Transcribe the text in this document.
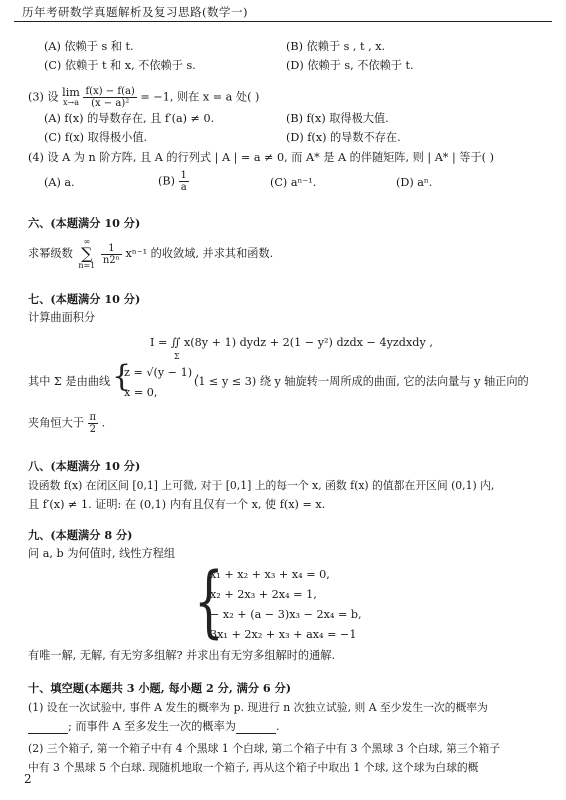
历年考研数学真题解析及复习思路(数学一)
(A) 依赖于 s 和 t.	(B) 依赖于 s , t , x.
(C) 依赖于 t 和 x, 不依赖于 s.	(D) 依赖于 s, 不依赖于 t.
(3) 设 lim
x→a
$\frac{f(x) - f(a)}{\text{(x − a)²}} = -1$, 则在 x = a 处( )
(A) f(x) 的导数存在, 且 f′(a) ≠ 0.	(B) f(x) 取得极大值.
(C) f(x) 取得极小值.	(D) f(x) 的导数不存在.
(4) 设 A 为 n 阶方阵, 且 A 的行列式 | A | = a ≠ 0, 而 A* 是 A 的伴随矩阵, 则 | A* | 等于( )
(A) a.	$(B) \frac{1}{a}$	(C) aⁿ⁻¹.	(D) aⁿ.
六、(本题满分 10 分)
求幂级数
∞
∑
n=1
$\frac{1}{\text{n2ⁿ}} x^{n-1}$ 的收敛域, 并求其和函数.
七、(本题满分 10 分)
计算曲面积分
I = ∬ x(8y + 1) dydz + 2(1 − y²) dzdx − 4yzdxdy ,
Σ
其中 Σ 是由曲线 {
z = √(y − 1) ,
x = 0,
(1 ≤ y ≤ 3) 绕 y 轴旋转一周所成的曲面, 它的法向量与 y 轴正向的
夹角恒大于 $\frac{\pi}{2}$ .
八、(本题满分 10 分)
设函数 f(x) 在闭区间 [0,1] 上可微, 对于 [0,1] 上的每一个 x, 函数 f(x) 的值都在开区间 (0,1) 内,
且 f′(x) ≠ 1. 证明: 在 (0,1) 内有且仅有一个 x, 使 f(x) = x.
九、(本题满分 8 分)
问 a, b 为何值时, 线性方程组
{
x₁ + x₂ + x₃ + x₄ = 0,
x₂ + 2x₃ + 2x₄ = 1,
− x₂ + (a − 3)x₃ − 2x₄ = b,
3x₁ + 2x₂ + x₃ + ax₄ = −1
有唯一解, 无解, 有无穷多组解? 并求出有无穷多组解时的通解.
十、填空题(本题共 3 小题, 每小题 2 分, 满分 6 分)
(1) 设在一次试验中, 事件 A 发生的概率为 p. 现进行 n 次独立试验, 则 A 至少发生一次的概率为
; 而事件 A 至多发生一次的概率为	.
(2) 三个箱子, 第一个箱子中有 4 个黑球 1 个白球, 第二个箱子中有 3 个黑球 3 个白球, 第三个箱子
中有 3 个黑球 5 个白球. 现随机地取一个箱子, 再从这个箱子中取出 1 个球, 这个球为白球的概
2
